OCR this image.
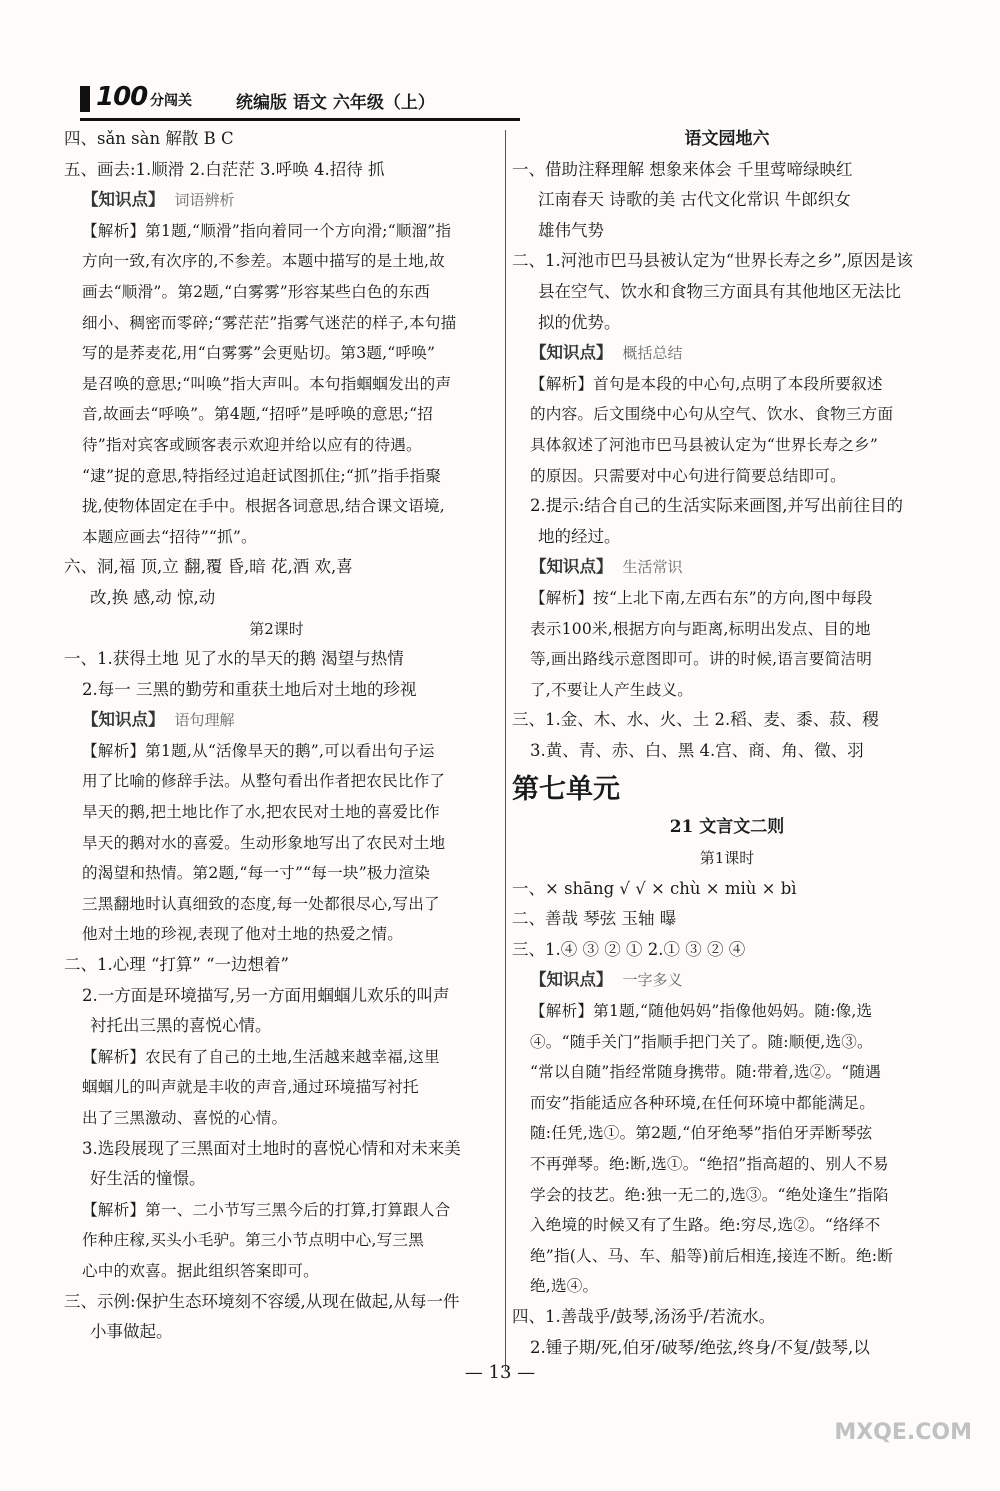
100 分闯关	统编版 语文 六年级（上）
四、sǎn sàn 解散 B C
五、画去:1.顺滑 2.白茫茫 3.呼唤 4.招待 抓
【知识点】 词语辨析
【解析】第1题,“顺滑”指向着同一个方向滑;“顺溜”指
方向一致,有次序的,不参差。本题中描写的是土地,故
画去“顺滑”。第2题,“白雾雾”形容某些白色的东西
细小、稠密而零碎;“雾茫茫”指雾气迷茫的样子,本句描
写的是荞麦花,用“白雾雾”会更贴切。第3题,“呼唤”
是召唤的意思;“叫唤”指大声叫。本句指蝈蝈发出的声
音,故画去“呼唤”。第4题,“招呼”是呼唤的意思;“招
待”指对宾客或顾客表示欢迎并给以应有的待遇。
“逮”捉的意思,特指经过追赶试图抓住;“抓”指手指聚
拢,使物体固定在手中。根据各词意思,结合课文语境,
本题应画去“招待”“抓”。
六、洞,福 顶,立 翻,覆 昏,暗 花,酒 欢,喜
改,换 感,动 惊,动
第2课时
一、1.获得土地 见了水的旱天的鹅 渴望与热情
2.每一 三黑的勤劳和重获土地后对土地的珍视
【知识点】 语句理解
【解析】第1题,从“活像旱天的鹅”,可以看出句子运
用了比喻的修辞手法。从整句看出作者把农民比作了
旱天的鹅,把土地比作了水,把农民对土地的喜爱比作
旱天的鹅对水的喜爱。生动形象地写出了农民对土地
的渴望和热情。第2题,“每一寸”“每一块”极力渲染
三黑翻地时认真细致的态度,每一处都很尽心,写出了
他对土地的珍视,表现了他对土地的热爱之情。
二、1.心理 “打算” “一边想着”
2.一方面是环境描写,另一方面用蝈蝈儿欢乐的叫声
衬托出三黑的喜悦心情。
【解析】农民有了自己的土地,生活越来越幸福,这里
蝈蝈儿的叫声就是丰收的声音,通过环境描写衬托
出了三黑激动、喜悦的心情。
3.选段展现了三黑面对土地时的喜悦心情和对未来美
好生活的憧憬。
【解析】第一、二小节写三黑今后的打算,打算跟人合
作种庄稼,买头小毛驴。第三小节点明中心,写三黑
心中的欢喜。据此组织答案即可。
三、示例:保护生态环境刻不容缓,从现在做起,从每一件
小事做起。
语文园地六
一、借助注释理解 想象来体会 千里莺啼绿映红
江南春天 诗歌的美 古代文化常识 牛郎织女
雄伟气势
二、1.河池市巴马县被认定为“世界长寿之乡”,原因是该
县在空气、饮水和食物三方面具有其他地区无法比
拟的优势。
【知识点】 概括总结
【解析】首句是本段的中心句,点明了本段所要叙述
的内容。后文围绕中心句从空气、饮水、食物三方面
具体叙述了河池市巴马县被认定为“世界长寿之乡”
的原因。只需要对中心句进行简要总结即可。
2.提示:结合自己的生活实际来画图,并写出前往目的
地的经过。
【知识点】 生活常识
【解析】按“上北下南,左西右东”的方向,图中每段
表示100米,根据方向与距离,标明出发点、目的地
等,画出路线示意图即可。讲的时候,语言要简洁明
了,不要让人产生歧义。
三、1.金、木、水、火、土 2.稻、麦、黍、菽、稷
3.黄、青、赤、白、黑 4.宫、商、角、徵、羽
第七单元
21 文言文二则
第1课时
一、× shāng √ √ × chù × miù × bì
二、善哉 琴弦 玉轴 曝
三、1.④ ③ ② ① 2.① ③ ② ④
【知识点】 一字多义
【解析】第1题,“随他妈妈”指像他妈妈。随:像,选
④。“随手关门”指顺手把门关了。随:顺便,选③。
“常以自随”指经常随身携带。随:带着,选②。“随遇
而安”指能适应各种环境,在任何环境中都能满足。
随:任凭,选①。第2题,“伯牙绝琴”指伯牙弄断琴弦
不再弹琴。绝:断,选①。“绝招”指高超的、别人不易
学会的技艺。绝:独一无二的,选③。“绝处逢生”指陷
入绝境的时候又有了生路。绝:穷尽,选②。“络绎不
绝”指(人、马、车、船等)前后相连,接连不断。绝:断
绝,选④。
四、1.善哉乎/鼓琴,汤汤乎/若流水。
2.锺子期/死,伯牙/破琴/绝弦,终身/不复/鼓琴,以
— 13 —
MXQE.COM
